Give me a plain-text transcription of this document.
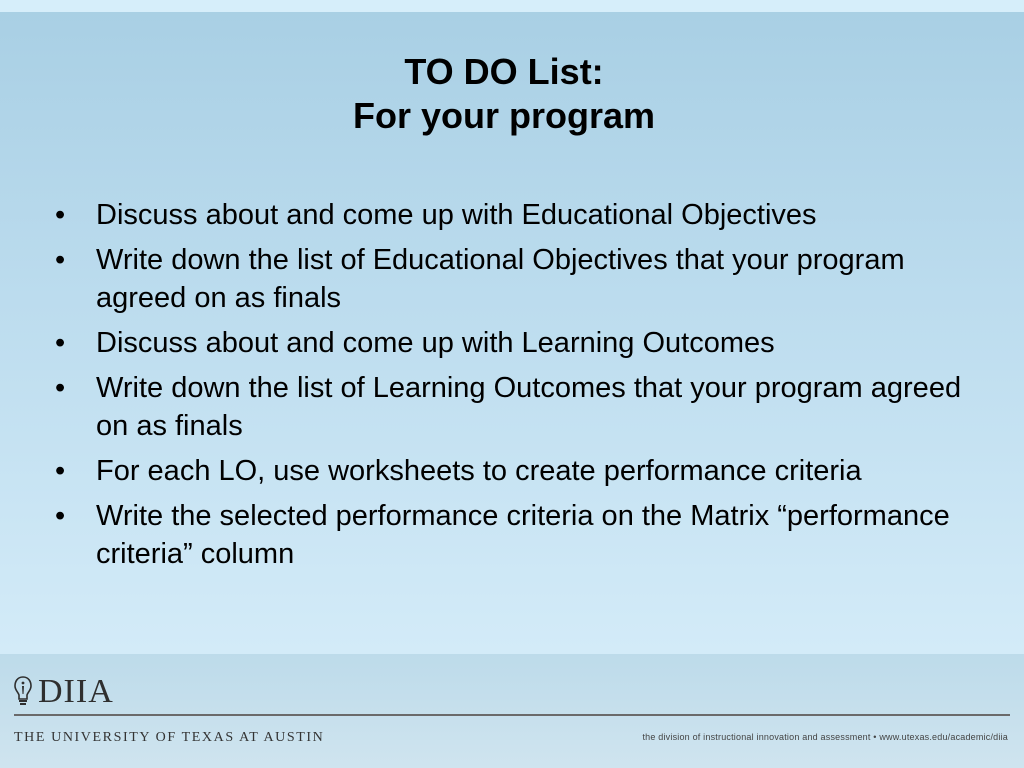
TO DO List:
For your program
•	Discuss about and come up with Educational Objectives
•	Write down the list of Educational Objectives that your program agreed on as finals
•	Discuss about and come up with Learning Outcomes
•	Write down the list of Learning Outcomes that your program agreed on as finals
•	For each LO, use worksheets to create performance criteria
•	Write the selected performance criteria on the Matrix “performance criteria” column
DIIA
THE UNIVERSITY OF TEXAS AT AUSTIN	the division of instructional innovation and assessment • www.utexas.edu/academic/diia
